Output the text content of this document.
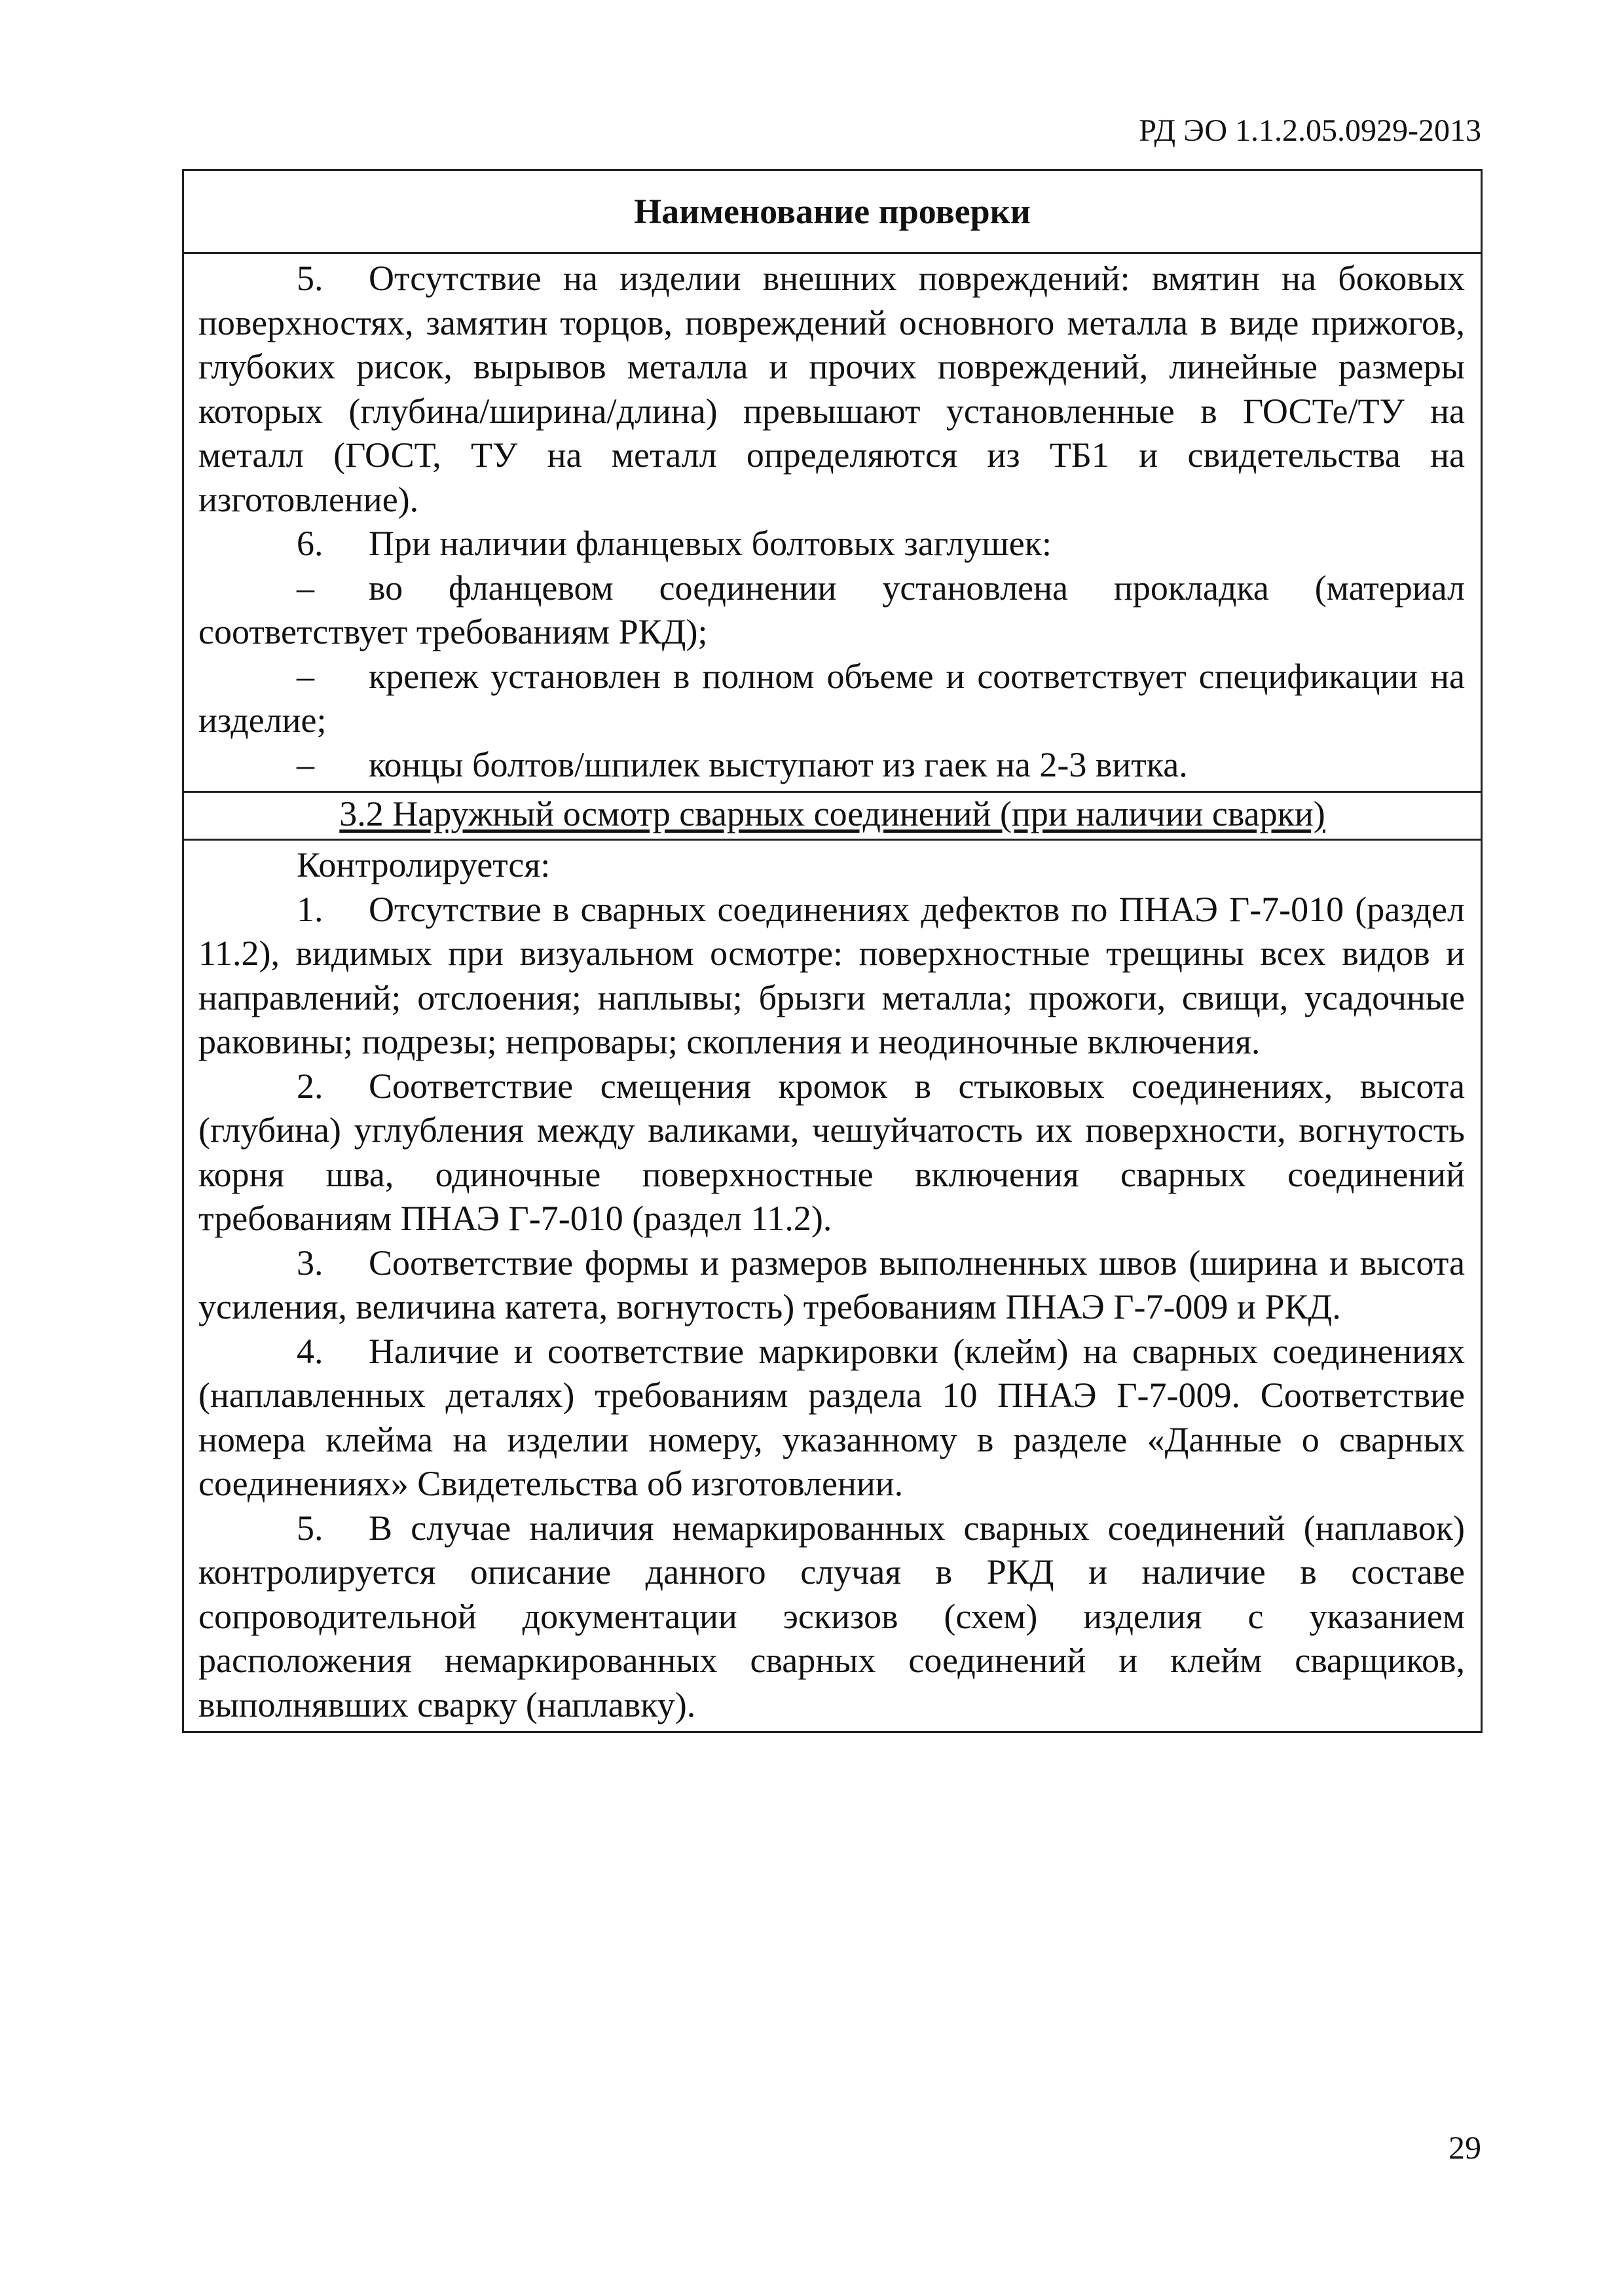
РД ЭО 1.1.2.05.0929-2013
Наименование проверки

5. Отсутствие на изделии внешних повреждений: вмятин на боковых поверхностях, замятин торцов, повреждений основного металла в виде прижогов, глубоких рисок, вырывов металла и прочих повреждений, линейные размеры которых (глубина/ширина/длина) превышают установленные в ГОСТе/ТУ на металл (ГОСТ, ТУ на металл определяются из ТБ1 и свидетельства на изготовление).

6. При наличии фланцевых болтовых заглушек:

– во фланцевом соединении установлена прокладка (материал соответствует требованиям РКД);

– крепеж установлен в полном объеме и соответствует спецификации на изделие;

– концы болтов/шпилек выступают из гаек на 2-3 витка.

3.2 Наружный осмотр сварных соединений (при наличии сварки)

Контролируется:

1. Отсутствие в сварных соединениях дефектов по ПНАЭ Г-7-010 (раздел 11.2), видимых при визуальном осмотре: поверхностные трещины всех видов и направлений; отслоения; наплывы; брызги металла; прожоги, свищи, усадочные раковины; подрезы; непровары; скопления и неодиночные включения.

2. Соответствие смещения кромок в стыковых соединениях, высота (глубина) углубления между валиками, чешуйчатость их поверхности, вогнутость корня шва, одиночные поверхностные включения сварных соединений требованиям ПНАЭ Г-7-010 (раздел 11.2).

3. Соответствие формы и размеров выполненных швов (ширина и высота усиления, величина катета, вогнутость) требованиям ПНАЭ Г-7-009 и РКД.

4. Наличие и соответствие маркировки (клейм) на сварных соединениях (наплавленных деталях) требованиям раздела 10 ПНАЭ Г-7-009. Соответствие номера клейма на изделии номеру, указанному в разделе «Данные о сварных соединениях» Свидетельства об изготовлении.

5. В случае наличия немаркированных сварных соединений (наплавок) контролируется описание данного случая в РКД и наличие в составе сопроводительной документации эскизов (схем) изделия с указанием расположения немаркированных сварных соединений и клейм сварщиков, выполнявших сварку (наплавку).

29
